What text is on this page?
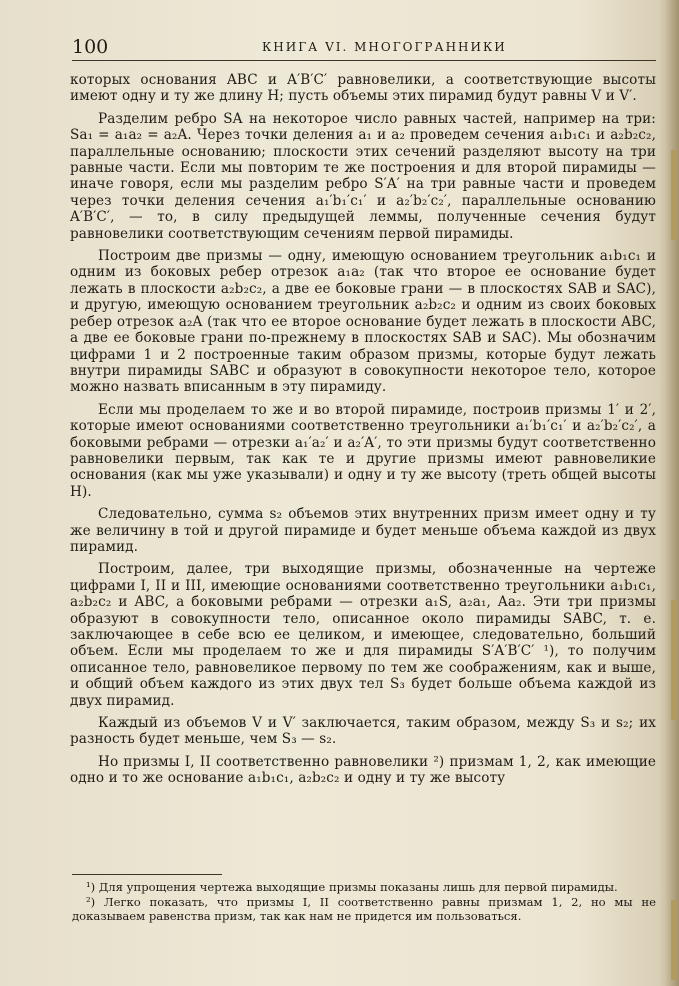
100	КНИГА VI. МНОГОГРАННИКИ

которых основания ABC и A′B′C′ равновелики, а соответствующие высоты имеют одну и ту же длину H; пусть объемы этих пирамид будут равны V и V′.

Разделим ребро SA на некоторое число равных частей, например на три: Sa₁ = a₁a₂ = a₂A. Через точки деления a₁ и a₂ проведем сечения a₁b₁c₁ и a₂b₂c₂, параллельные основанию; плоскости этих сечений разделяют высоту на три равные части. Если мы повторим те же построения и для второй пирамиды — иначе говоря, если мы разделим ребро S′A′ на три равные части и проведем через точки деления сечения a₁′b₁′c₁′ и a₂′b₂′c₂′, параллельные основанию A′B′C′, — то, в силу предыдущей леммы, полученные сечения будут равновелики соответствующим сечениям первой пирамиды.

Построим две призмы — одну, имеющую основанием треугольник a₁b₁c₁ и одним из боковых ребер отрезок a₁a₂ (так что второе ее основание будет лежать в плоскости a₂b₂c₂, а две ее боковые грани — в плоскостях SAB и SAC), и другую, имеющую основанием треугольник a₂b₂c₂ и одним из своих боковых ребер отрезок a₂A (так что ее второе основание будет лежать в плоскости ABC, а две ее боковые грани по-прежнему в плоскостях SAB и SAC). Мы обозначим цифрами 1 и 2 построенные таким образом призмы, которые будут лежать внутри пирамиды SABC и образуют в совокупности некоторое тело, которое можно назвать вписанным в эту пирамиду.

Если мы проделаем то же и во второй пирамиде, построив призмы 1′ и 2′, которые имеют основаниями соответственно треугольники a₁′b₁′c₁′ и a₂′b₂′c₂′, а боковыми ребрами — отрезки a₁′a₂′ и a₂′A′, то эти призмы будут соответственно равновелики первым, так как те и другие призмы имеют равновеликие основания (как мы уже указывали) и одну и ту же высоту (треть общей высоты H).

Следовательно, сумма s₂ объемов этих внутренних призм имеет одну и ту же величину в той и другой пирамиде и будет меньше объема каждой из двух пирамид.

Построим, далее, три выходящие призмы, обозначенные на чертеже цифрами I, II и III, имеющие основаниями соответственно треугольники a₁b₁c₁, a₂b₂c₂ и ABC, а боковыми ребрами — отрезки a₁S, a₂a₁, Aa₂. Эти три призмы образуют в совокупности тело, описанное около пирамиды SABC, т. е. заключающее в себе всю ее целиком, и имеющее, следовательно, больший объем. Если мы проделаем то же и для пирамиды S′A′B′C′ ¹), то получим описанное тело, равновеликое первому по тем же соображениям, как и выше, и общий объем каждого из этих двух тел S₃ будет больше объема каждой из двух пирамид.

Каждый из объемов V и V′ заключается, таким образом, между S₃ и s₂; их разность будет меньше, чем S₃ — s₂.

Но призмы I, II соответственно равновелики ²) призмам 1, 2, как имеющие одно и то же основание a₁b₁c₁, a₂b₂c₂ и одну и ту же высоту

¹) Для упрощения чертежа выходящие призмы показаны лишь для первой пирамиды.

²) Легко показать, что призмы I, II соответственно равны призмам 1, 2, но мы не доказываем равенства призм, так как нам не придется им пользоваться.
